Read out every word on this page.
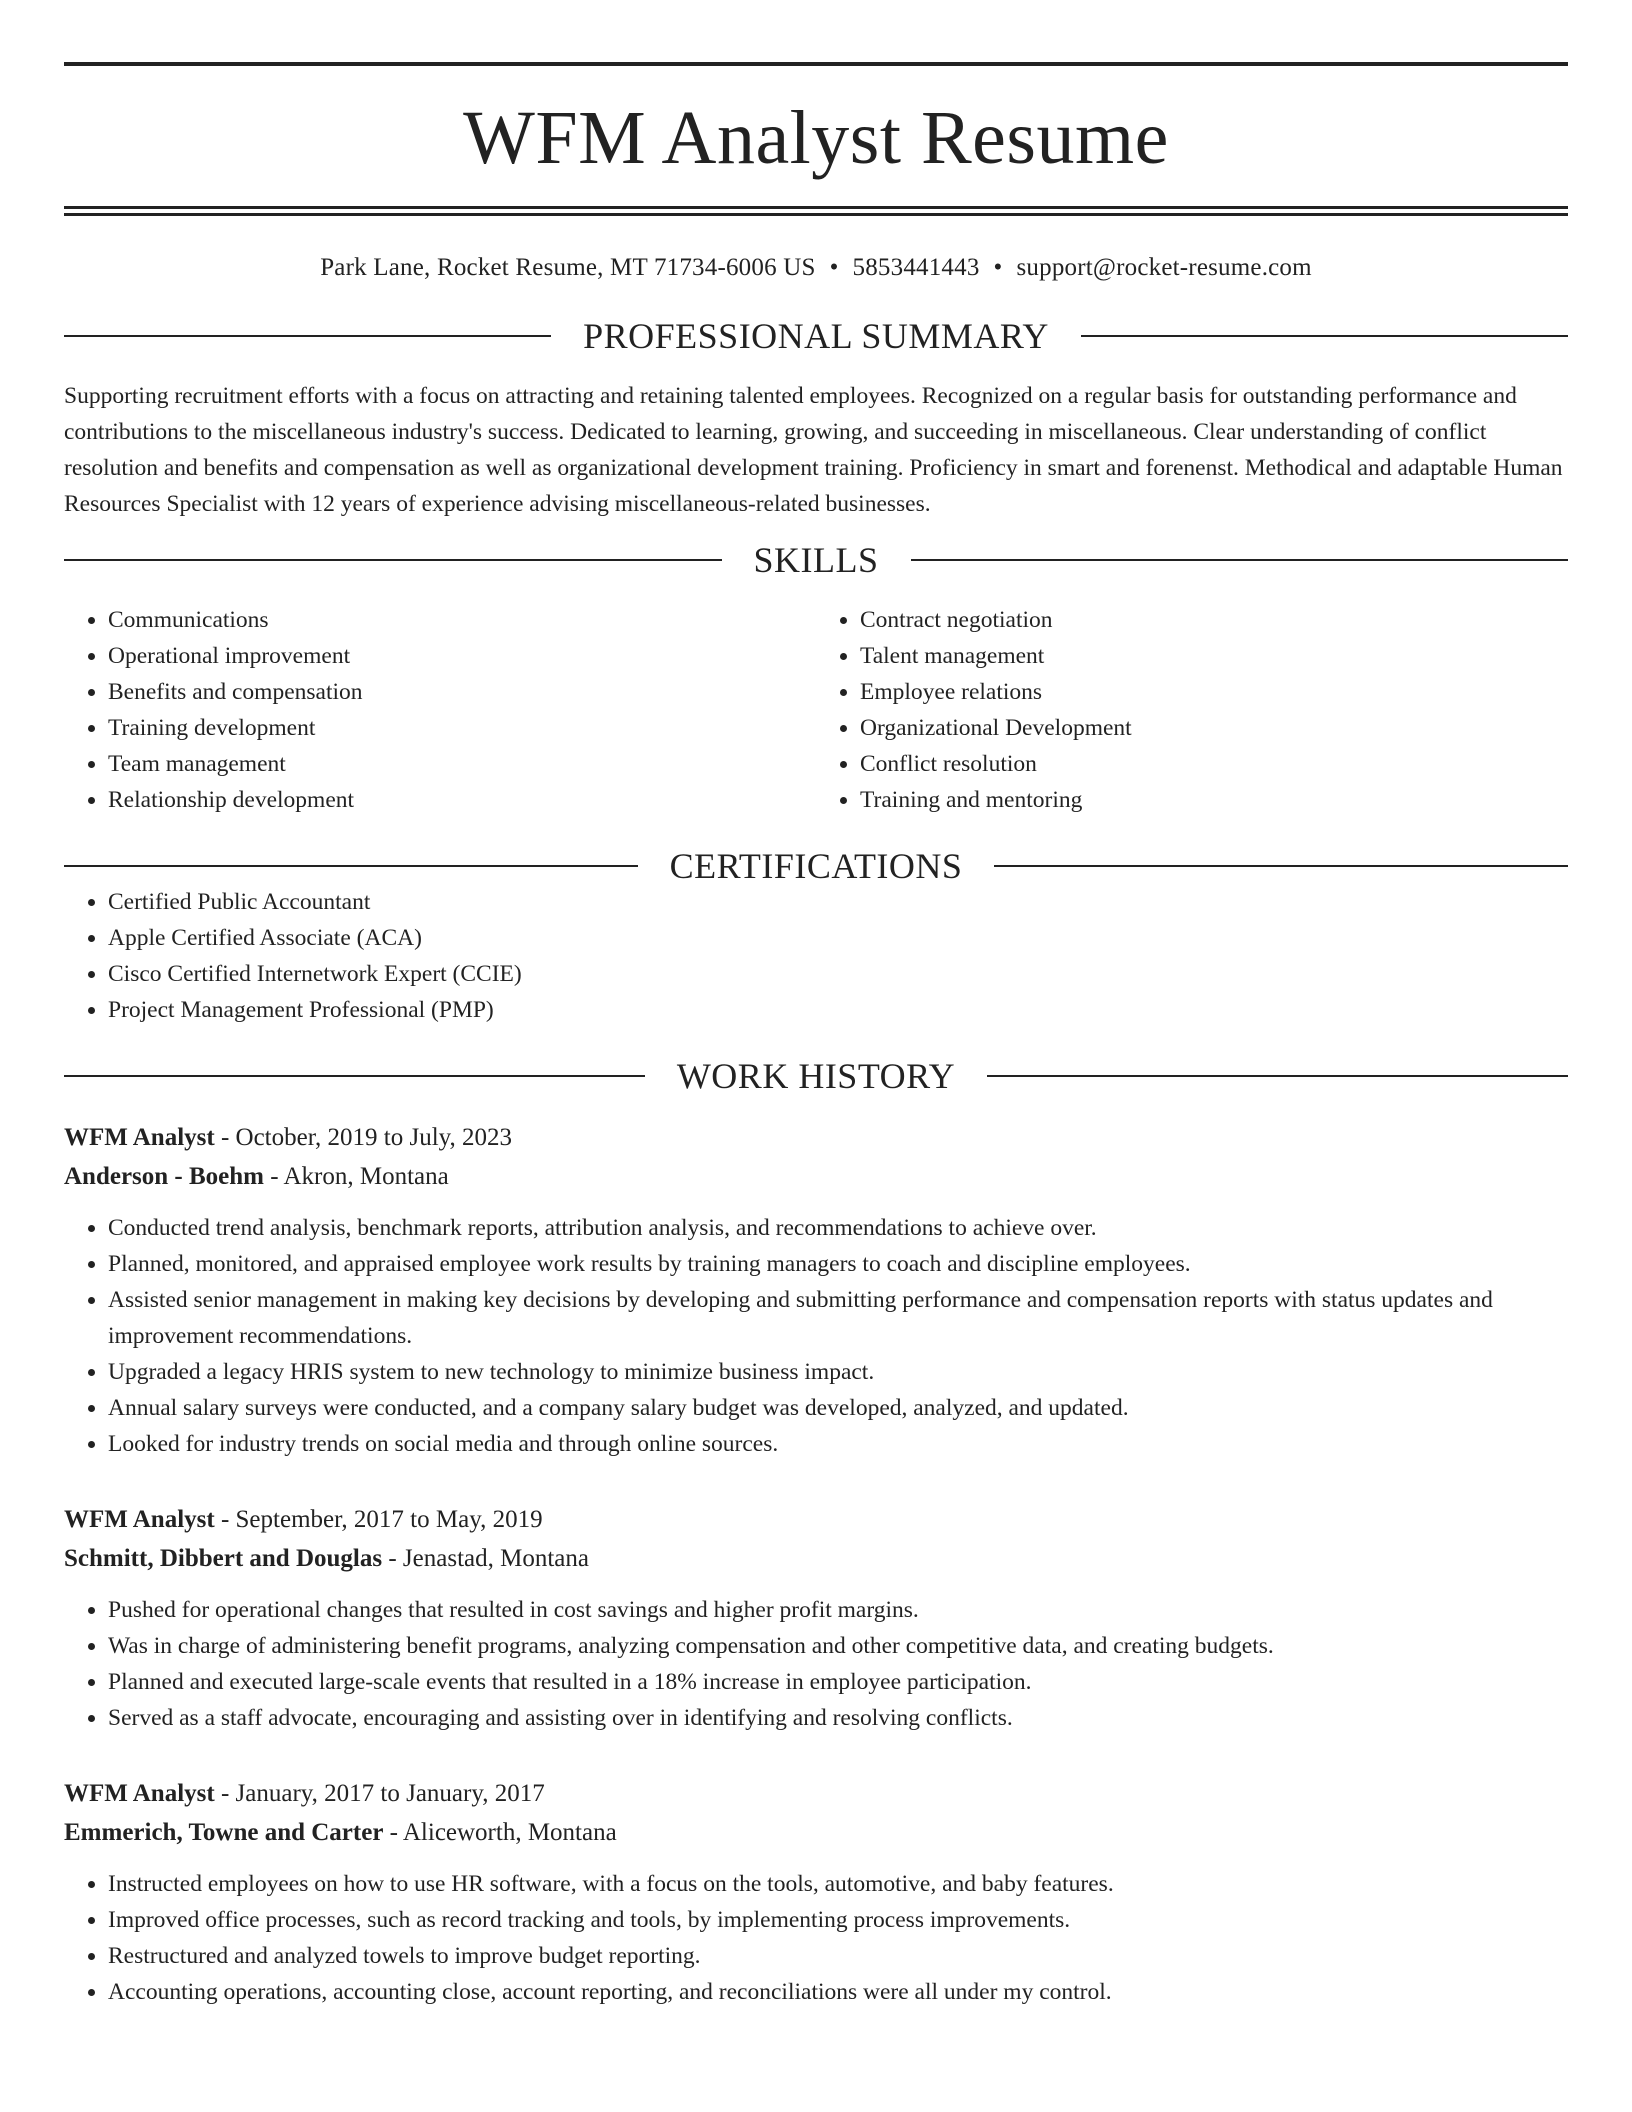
WFM Analyst Resume
Park Lane, Rocket Resume, MT 71734-6006 US • 5853441443 • support@rocket-resume.com
PROFESSIONAL SUMMARY

Supporting recruitment efforts with a focus on attracting and retaining talented employees. Recognized on a regular basis for outstanding performance and contributions to the miscellaneous industry's success. Dedicated to learning, growing, and succeeding in miscellaneous. Clear understanding of conflict resolution and benefits and compensation as well as organizational development training. Proficiency in smart and forenenst. Methodical and adaptable Human Resources Specialist with 12 years of experience advising miscellaneous-related businesses.

SKILLS
• Communications
• Operational improvement
• Benefits and compensation
• Training development
• Team management
• Relationship development
• Contract negotiation
• Talent management
• Employee relations
• Organizational Development
• Conflict resolution
• Training and mentoring
CERTIFICATIONS
• Certified Public Accountant
• Apple Certified Associate (ACA)
• Cisco Certified Internetwork Expert (CCIE)
• Project Management Professional (PMP)
WORK HISTORY
WFM Analyst - October, 2019 to July, 2023
Anderson - Boehm - Akron, Montana
• Conducted trend analysis, benchmark reports, attribution analysis, and recommendations to achieve over.
• Planned, monitored, and appraised employee work results by training managers to coach and discipline employees.
• Assisted senior management in making key decisions by developing and submitting performance and compensation reports with status updates and improvement recommendations.
• Upgraded a legacy HRIS system to new technology to minimize business impact.
• Annual salary surveys were conducted, and a company salary budget was developed, analyzed, and updated.
• Looked for industry trends on social media and through online sources.
WFM Analyst - September, 2017 to May, 2019
Schmitt, Dibbert and Douglas - Jenastad, Montana
• Pushed for operational changes that resulted in cost savings and higher profit margins.
• Was in charge of administering benefit programs, analyzing compensation and other competitive data, and creating budgets.
• Planned and executed large-scale events that resulted in a 18% increase in employee participation.
• Served as a staff advocate, encouraging and assisting over in identifying and resolving conflicts.
WFM Analyst - January, 2017 to January, 2017
Emmerich, Towne and Carter - Aliceworth, Montana
• Instructed employees on how to use HR software, with a focus on the tools, automotive, and baby features.
• Improved office processes, such as record tracking and tools, by implementing process improvements.
• Restructured and analyzed towels to improve budget reporting.
• Accounting operations, accounting close, account reporting, and reconciliations were all under my control.
